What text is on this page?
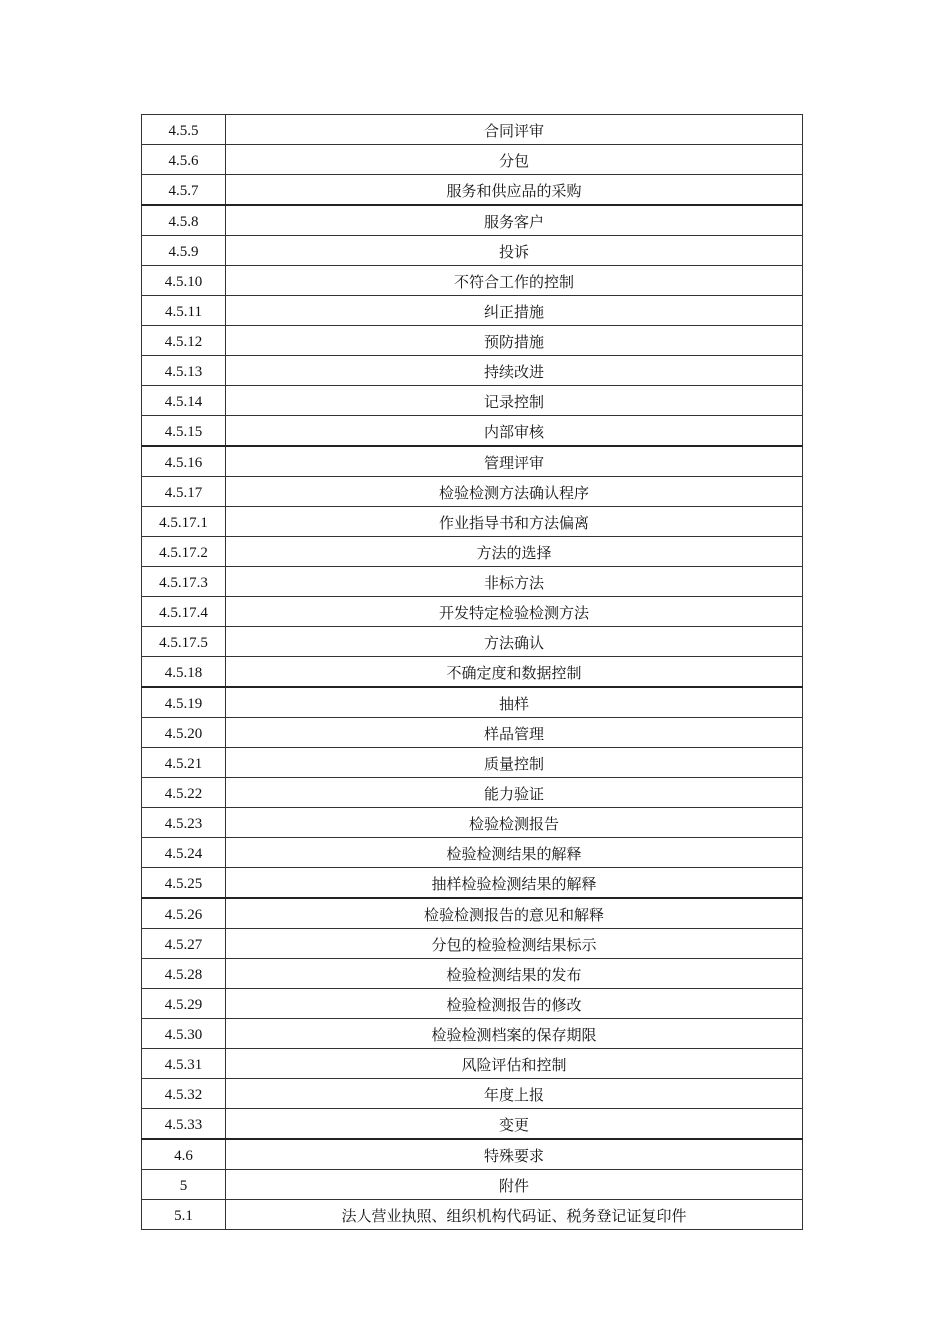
4.5.5	合同评审
4.5.6	分包
4.5.7	服务和供应品的采购
4.5.8	服务客户
4.5.9	投诉
4.5.10	不符合工作的控制
4.5.11	纠正措施
4.5.12	预防措施
4.5.13	持续改进
4.5.14	记录控制
4.5.15	内部审核
4.5.16	管理评审
4.5.17	检验检测方法确认程序
4.5.17.1	作业指导书和方法偏离
4.5.17.2	方法的选择
4.5.17.3	非标方法
4.5.17.4	开发特定检验检测方法
4.5.17.5	方法确认
4.5.18	不确定度和数据控制
4.5.19	抽样
4.5.20	样品管理
4.5.21	质量控制
4.5.22	能力验证
4.5.23	检验检测报告
4.5.24	检验检测结果的解释
4.5.25	抽样检验检测结果的解释
4.5.26	检验检测报告的意见和解释
4.5.27	分包的检验检测结果标示
4.5.28	检验检测结果的发布
4.5.29	检验检测报告的修改
4.5.30	检验检测档案的保存期限
4.5.31	风险评估和控制
4.5.32	年度上报
4.5.33	变更
4.6	特殊要求
5	附件
5.1	法人营业执照、组织机构代码证、税务登记证复印件
